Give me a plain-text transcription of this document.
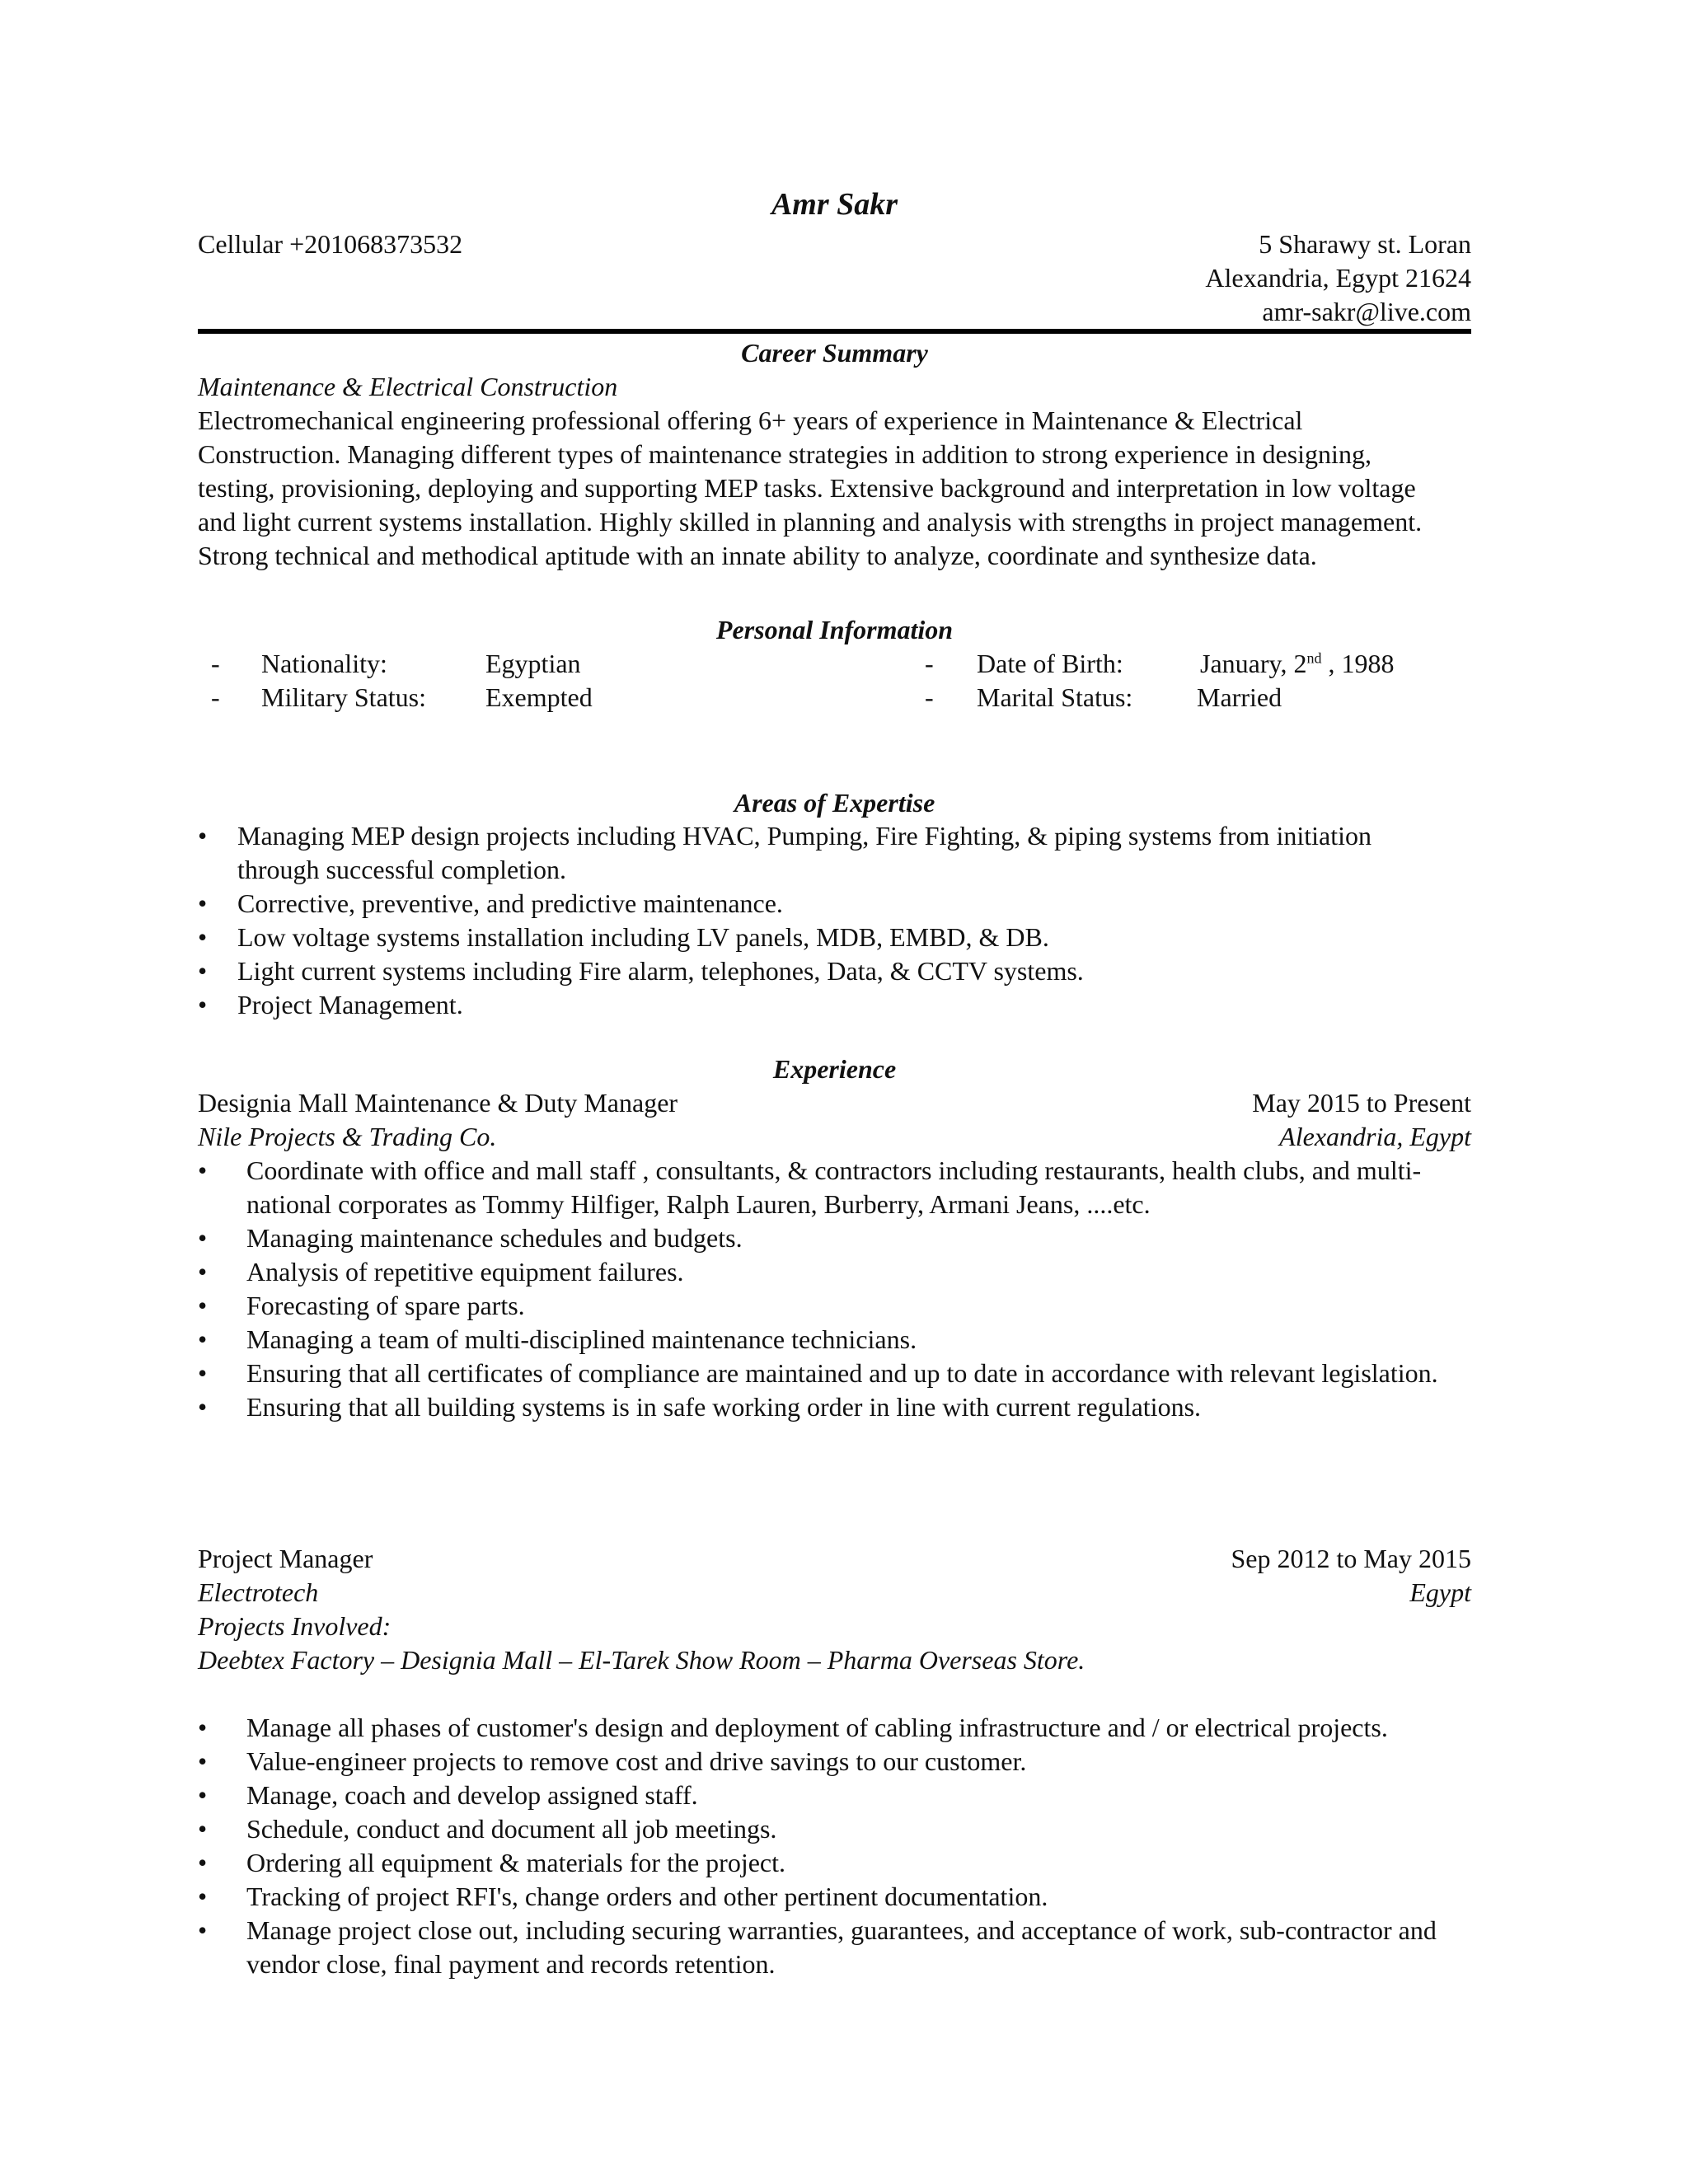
Amr Sakr
Cellular +201068373532	5 Sharawy st. Loran
Alexandria, Egypt 21624
amr-sakr@live.com
Career Summary
Maintenance & Electrical Construction
Electromechanical engineering professional offering 6+ years of experience in Maintenance & Electrical
Construction. Managing different types of maintenance strategies in addition to strong experience in designing,
testing, provisioning, deploying and supporting MEP tasks. Extensive background and interpretation in low voltage
and light current systems installation. Highly skilled in planning and analysis with strengths in project management.
Strong technical and methodical aptitude with an innate ability to analyze, coordinate and synthesize data.
Personal Information
- Nationality:	Egyptian	- Date of Birth:	January, 2nd , 1988
- Military Status: Exempted	- Marital Status: Married
Areas of Expertise
• Managing MEP design projects including HVAC, Pumping, Fire Fighting, & piping systems from initiation through successful completion.
• Corrective, preventive, and predictive maintenance.
• Low voltage systems installation including LV panels, MDB, EMBD, & DB.
• Light current systems including Fire alarm, telephones, Data, & CCTV systems.
• Project Management.
Experience
Designia Mall Maintenance & Duty Manager	May 2015 to Present
Nile Projects & Trading Co.	Alexandria, Egypt
• Coordinate with office and mall staff , consultants, & contractors including restaurants, health clubs, and multi-national corporates as Tommy Hilfiger, Ralph Lauren, Burberry, Armani Jeans, ....etc.
• Managing maintenance schedules and budgets.
• Analysis of repetitive equipment failures.
• Forecasting of spare parts.
• Managing a team of multi-disciplined maintenance technicians.
• Ensuring that all certificates of compliance are maintained and up to date in accordance with relevant legislation.
• Ensuring that all building systems is in safe working order in line with current regulations.
Project Manager	Sep 2012 to May 2015
Electrotech	Egypt
Projects Involved:
Deebtex Factory – Designia Mall – El-Tarek Show Room – Pharma Overseas Store.
• Manage all phases of customer's design and deployment of cabling infrastructure and / or electrical projects.
• Value-engineer projects to remove cost and drive savings to our customer.
• Manage, coach and develop assigned staff.
• Schedule, conduct and document all job meetings.
• Ordering all equipment & materials for the project.
• Tracking of project RFI's, change orders and other pertinent documentation.
• Manage project close out, including securing warranties, guarantees, and acceptance of work, sub-contractor and vendor close, final payment and records retention.
